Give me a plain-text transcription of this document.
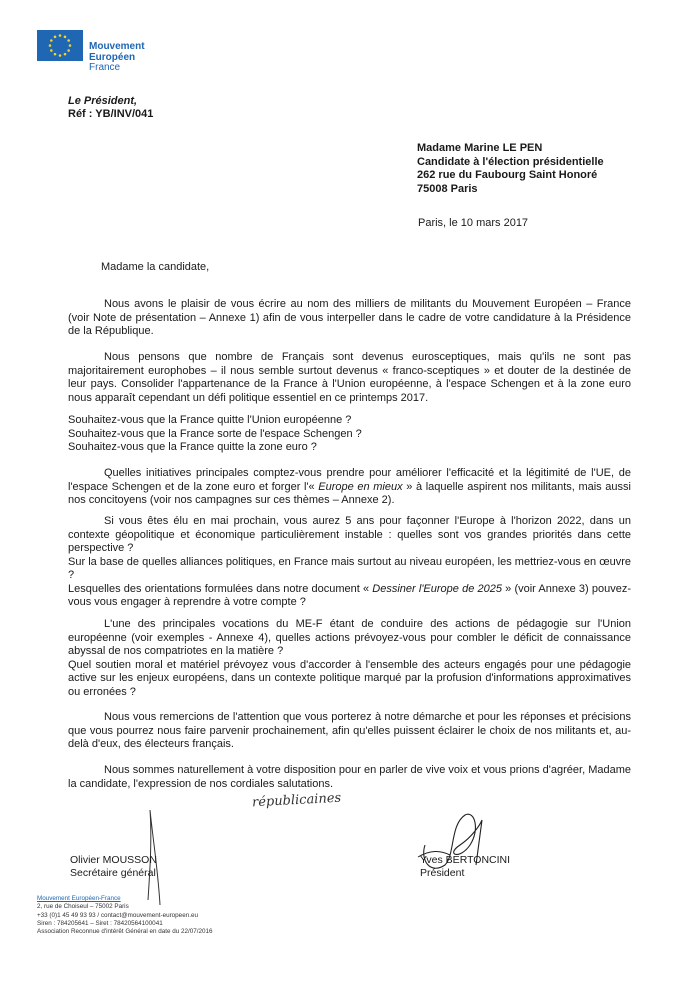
Mouvement
Européen
France
Le Président,
Réf : YB/INV/041
Madame Marine LE PEN
Candidate à l'élection présidentielle
262 rue du Faubourg Saint Honoré
75008 Paris
Paris, le 10 mars 2017
Madame la candidate,

Nous avons le plaisir de vous écrire au nom des milliers de militants du Mouvement Européen – France (voir Note de présentation – Annexe 1) afin de vous interpeller dans le cadre de votre candidature à la Présidence de la République.

Nous pensons que nombre de Français sont devenus eurosceptiques, mais qu'ils ne sont pas majoritairement europhobes – il nous semble surtout devenus « franco-sceptiques » et douter de la destinée de leur pays. Consolider l'appartenance de la France à l'Union européenne, à l'espace Schengen et à la zone euro nous apparaît cependant un défi politique essentiel en ce printemps 2017.

Souhaitez-vous que la France quitte l'Union européenne ?
Souhaitez-vous que la France sorte de l'espace Schengen ?
Souhaitez-vous que la France quitte la zone euro ?

Quelles initiatives principales comptez-vous prendre pour améliorer l'efficacité et la légitimité de l'UE, de l'espace Schengen et de la zone euro et forger l'« Europe en mieux » à laquelle aspirent nos militants, mais aussi nos concitoyens (voir nos campagnes sur ces thèmes – Annexe 2).

Si vous êtes élu en mai prochain, vous aurez 5 ans pour façonner l'Europe à l'horizon 2022, dans un contexte géopolitique et économique particulièrement instable : quelles sont vos grandes priorités dans cette perspective ?

Sur la base de quelles alliances politiques, en France mais surtout au niveau européen, les mettriez-vous en œuvre ?

Lesquelles des orientations formulées dans notre document « Dessiner l'Europe de 2025 » (voir Annexe 3) pouvez-vous vous engager à reprendre à votre compte ?

L'une des principales vocations du ME-F étant de conduire des actions de pédagogie sur l'Union européenne (voir exemples - Annexe 4), quelles actions prévoyez-vous pour combler le déficit de connaissance abyssal de nos compatriotes en la matière ?

Quel soutien moral et matériel prévoyez vous d'accorder à l'ensemble des acteurs engagés pour une pédagogie active sur les enjeux européens, dans un contexte politique marqué par la profusion d'informations approximatives ou erronées ?

Nous vous remercions de l'attention que vous porterez à notre démarche et pour les réponses et précisions que vous pourrez nous faire parvenir prochainement, afin qu'elles puissent éclairer le choix de nos militants et, au-delà d'eux, des électeurs français.

Nous sommes naturellement à votre disposition pour en parler de vive voix et vous prions d'agréer, Madame la candidate, l'expression de nos cordiales salutations.

républicaines
Olivier MOUSSON
Secrétaire général
Yves BERTONCINI
Président
Mouvement Européen-France
2, rue de Choiseul – 75002 Paris
+33 (0)1 45 49 93 93 / contact@mouvement-europeen.eu
Siren : 784205641 – Siret : 78420564100041
Association Reconnue d'intérêt Général en date du 22/07/2016
